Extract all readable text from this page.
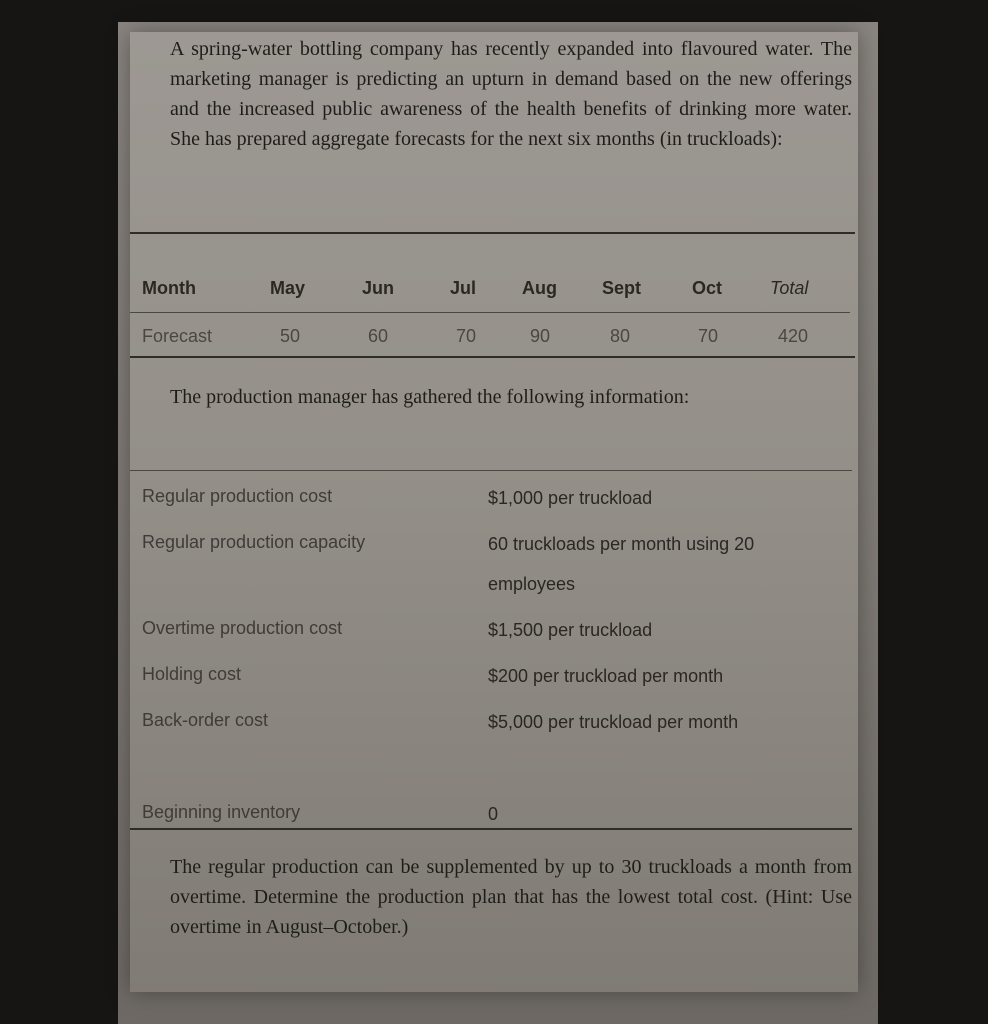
A spring-water bottling company has recently expanded into flavoured water. The marketing manager is predicting an upturn in demand based on the new offerings and the increased public awareness of the health benefits of drinking more water. She has prepared aggregate forecasts for the next six months (in truckloads):

Month	May	Jun	Jul	Aug	Sept	Oct	Total
Forecast	50	60	70	90	80	70	420

The production manager has gathered the following information:

Regular production cost	$1,000 per truckload
Regular production capacity	60 truckloads per month using 20 employees
Overtime production cost	$1,500 per truckload
Holding cost	$200 per truckload per month
Back-order cost	$5,000 per truckload per month
Beginning inventory	0

The regular production can be supplemented by up to 30 truckloads a month from overtime. Determine the production plan that has the lowest total cost. (Hint: Use overtime in August–October.)
